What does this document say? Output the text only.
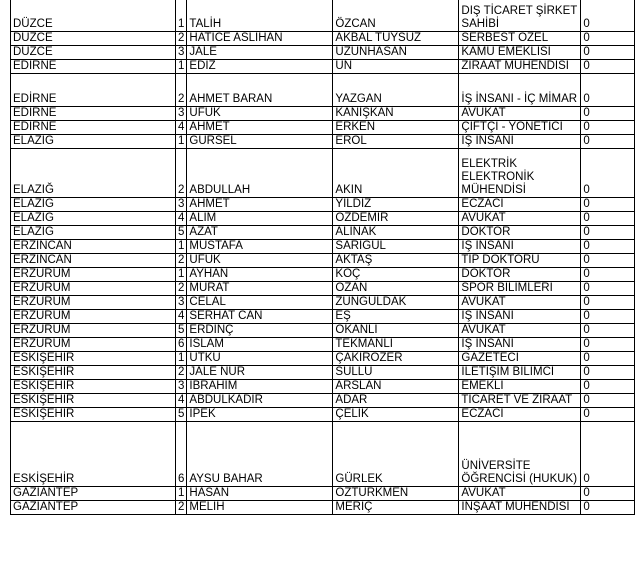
DÜZCE	1	TALİH	ÖZCAN	DIŞ TİCARET ŞİRKET SAHİBİ	0
DÜZCE	2	HATİCE ASLIHAN	AKBAL TÜYSÜZ	SERBEST ÖZEL	0
DÜZCE	3	JALE	UZUNHASAN	KAMU EMEKLİSİ	0
EDİRNE	1	EDİZ	ÜN	ZİRAAT MÜHENDİSİ	0
EDİRNE	2	AHMET BARAN	YAZGAN	İŞ İNSANI - İÇ MİMAR	0
EDİRNE	3	UFUK	KANIŞKAN	AVUKAT	0
EDİRNE	4	AHMET	ERKEN	ÇİFTÇİ - YÖNETİCİ	0
ELAZIĞ	1	GÜRSEL	EROL	İŞ İNSANI	0
ELAZIĞ	2	ABDULLAH	AKIN	ELEKTRİK ELEKTRONİK MÜHENDİSİ	0
ELAZIĞ	3	AHMET	YILDIZ	ECZACI	0
ELAZIĞ	4	ALIM	ÖZDEMİR	AVUKAT	0
ELAZIĞ	5	AZAT	ALINAK	DOKTOR	0
ERZİNCAN	1	MUSTAFA	SARIGÜL	İŞ İNSANI	0
ERZİNCAN	2	UFUK	AKTAŞ	TIP DOKTORU	0
ERZURUM	1	AYHAN	KOÇ	DOKTOR	0
ERZURUM	2	MURAT	OZAN	SPOR BİLİMLERİ	0
ERZURUM	3	CELAL	ZUNGULDAK	AVUKAT	0
ERZURUM	4	SERHAT CAN	EŞ	İŞ İNSANI	0
ERZURUM	5	ERDİNÇ	OKANLI	AVUKAT	0
ERZURUM	6	İSLAM	TEKMANLI	İŞ İNSANI	0
ESKİŞEHİR	1	UTKU	ÇAKIRÖZER	GAZETECİ	0
ESKİŞEHİR	2	JALE NUR	SÜLLÜ	İLETİŞİM BİLİMCİ	0
ESKİŞEHİR	3	İBRAHİM	ARSLAN	EMEKLİ	0
ESKİŞEHİR	4	ABDÜLKADİR	ADAR	TİCARET VE ZİRAAT	0
ESKİŞEHİR	5	İPEK	ÇELİK	ECZACI	0
ESKİŞEHİR	6	AYSU BAHAR	GÜRLEK	ÜNİVERSİTE ÖĞRENCİSİ (HUKUK)	0
GAZİANTEP	1	HASAN	ÖZTÜRKMEN	AVUKAT	0
GAZİANTEP	2	MELİH	MERİÇ	İNŞAAT MÜHENDİSİ	0
